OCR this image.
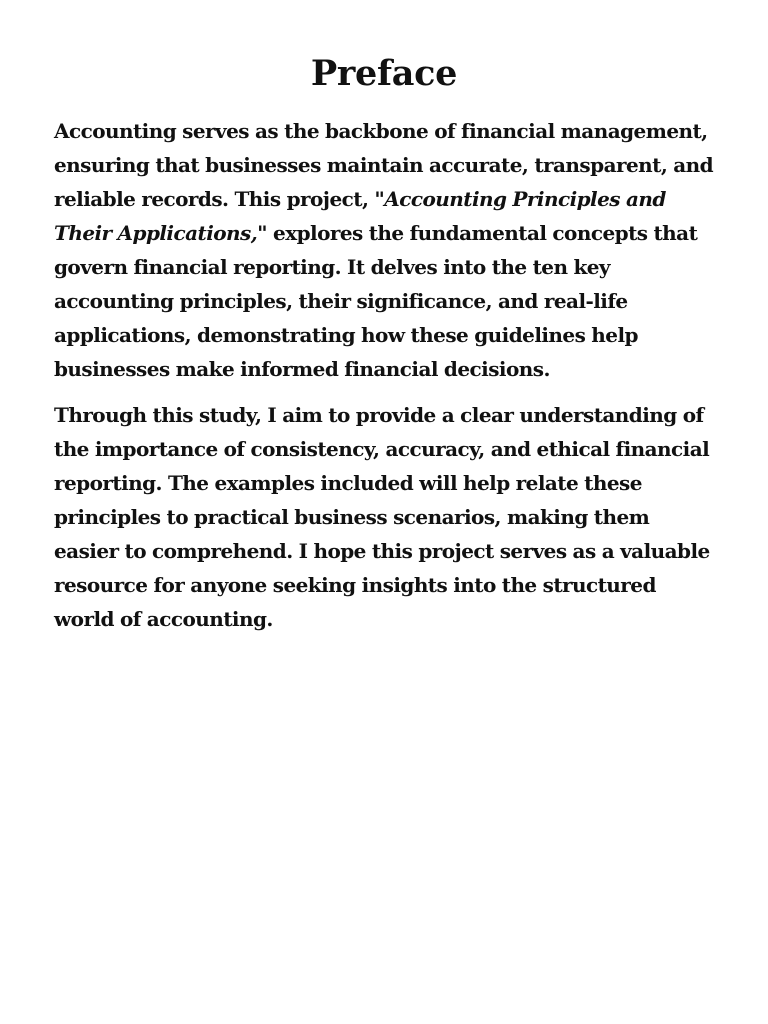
Preface

Accounting serves as the backbone of financial management, ensuring that businesses maintain accurate, transparent, and reliable records. This project, "Accounting Principles and Their Applications," explores the fundamental concepts that govern financial reporting. It delves into the ten key accounting principles, their significance, and real-life applications, demonstrating how these guidelines help businesses make informed financial decisions.

Through this study, I aim to provide a clear understanding of the importance of consistency, accuracy, and ethical financial reporting. The examples included will help relate these principles to practical business scenarios, making them easier to comprehend. I hope this project serves as a valuable resource for anyone seeking insights into the structured world of accounting.
